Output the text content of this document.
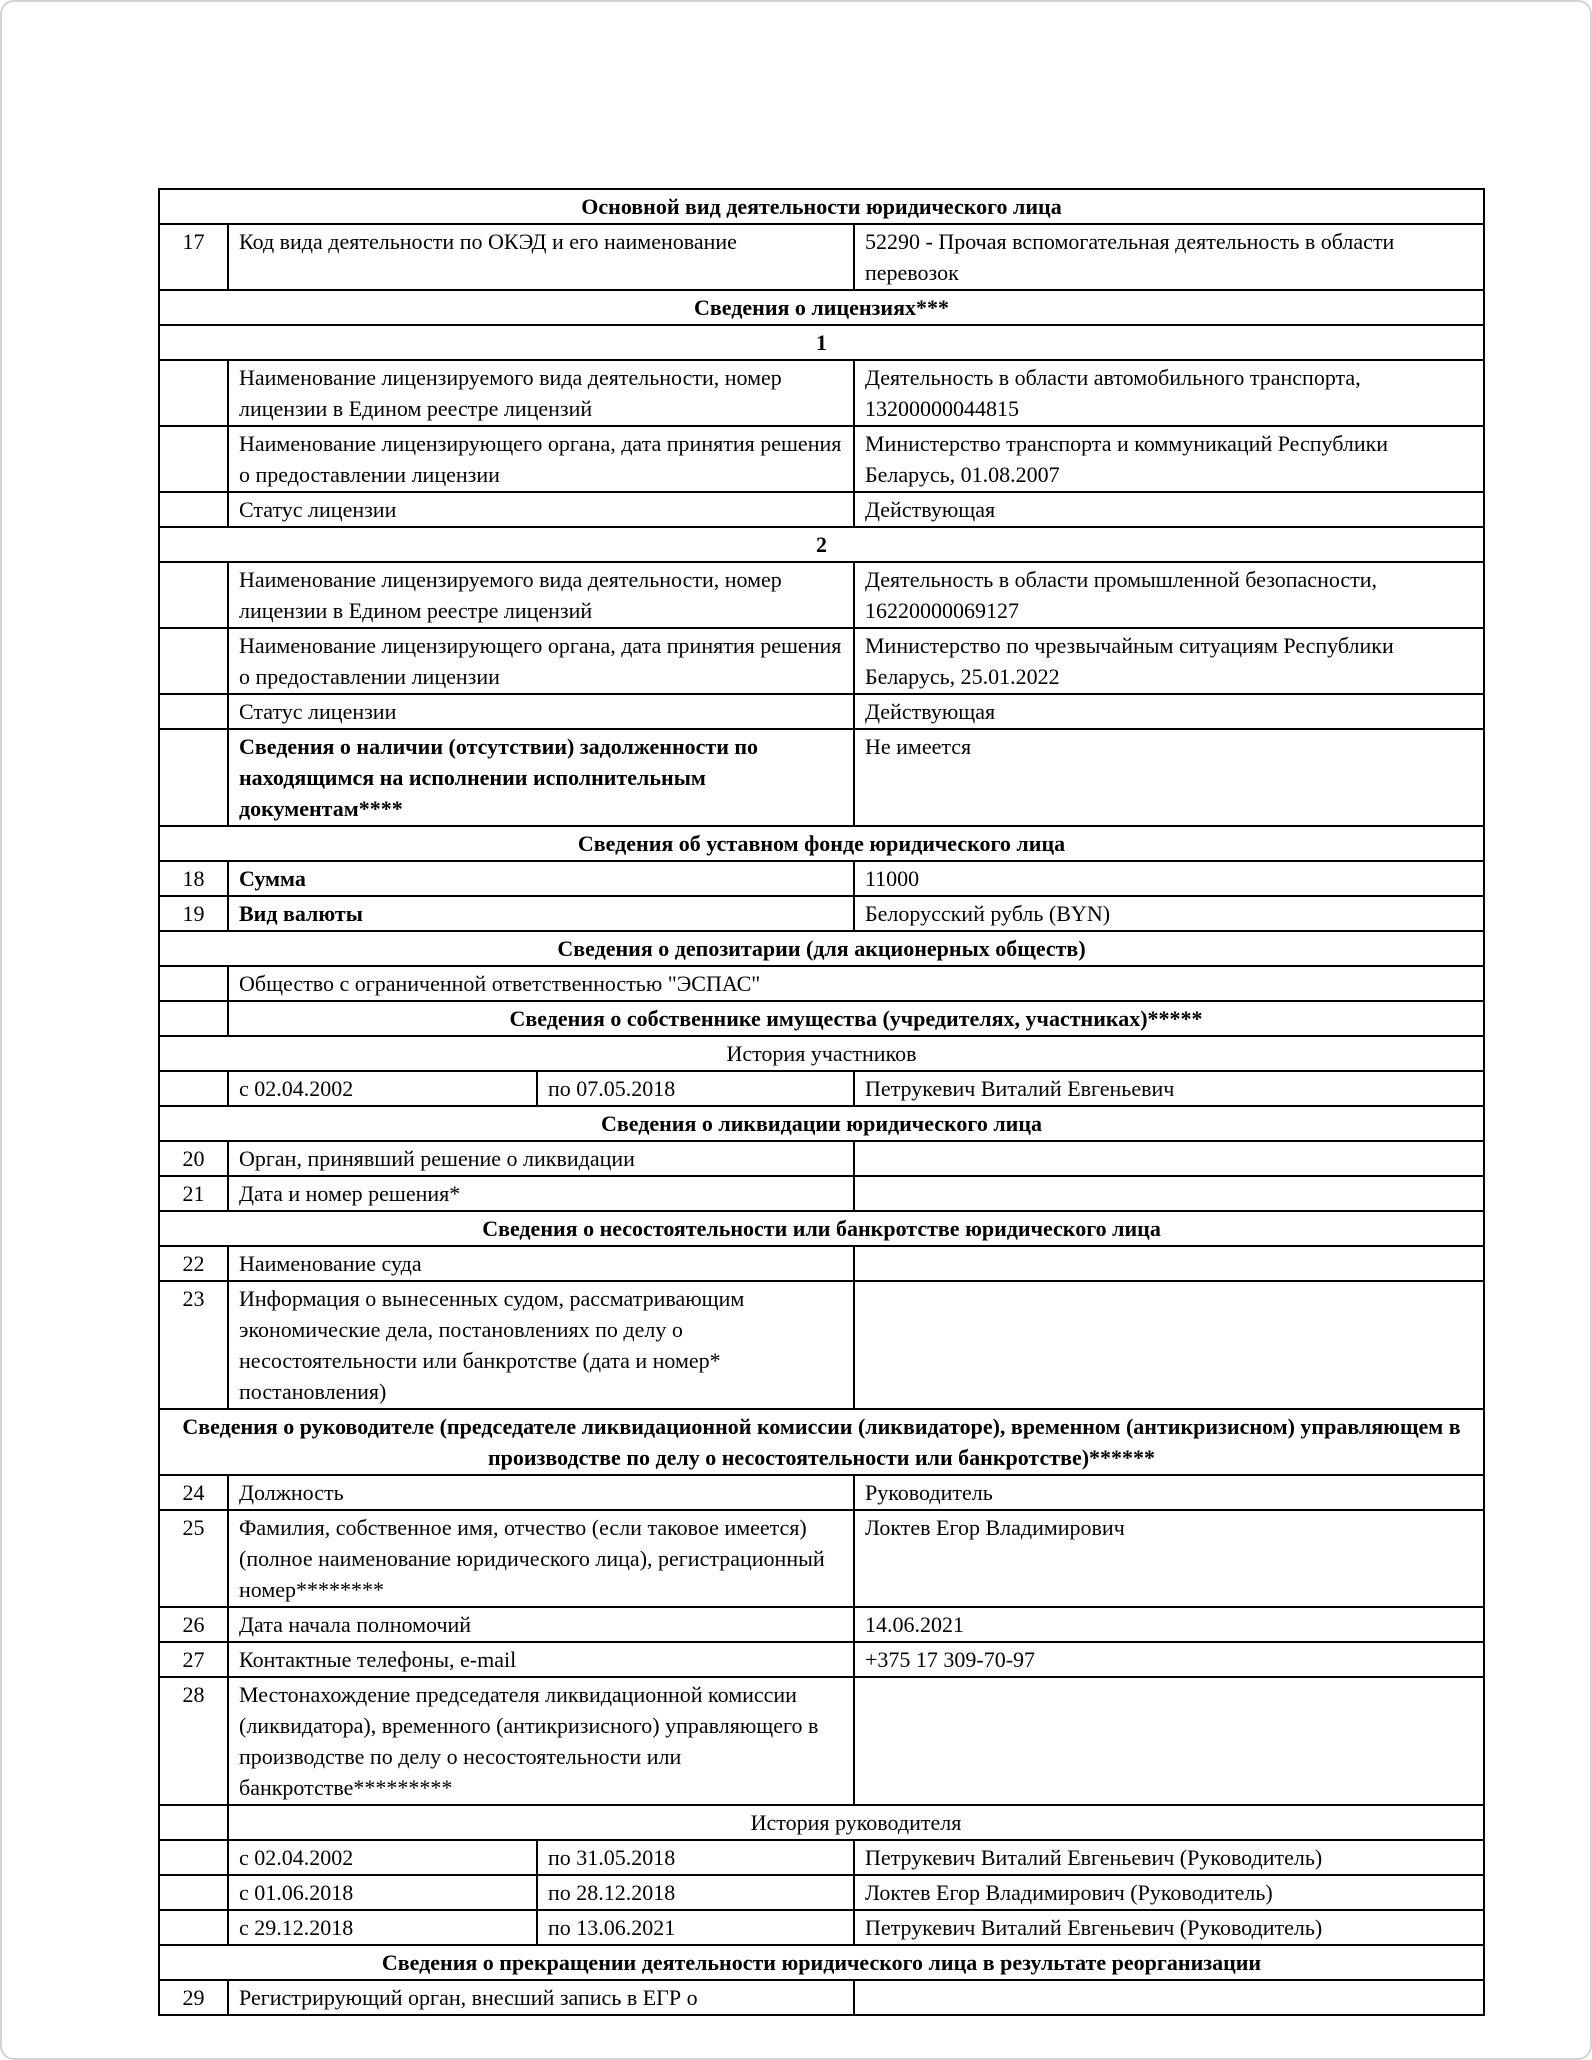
Основной вид деятельности юридического лица			
17	Код вида деятельности по ОКЭД и его наименование		52290 - Прочая вспомогательная деятельность в области перевозок
Сведения о лицензиях***			
1			
	Наименование лицензируемого вида деятельности, номер лицензии в Едином реестре лицензий		Деятельность в области автомобильного транспорта, 13200000044815
	Наименование лицензирующего органа, дата принятия решения о предоставлении лицензии		Министерство транспорта и коммуникаций Республики Беларусь, 01.08.2007
	Статус лицензии		Действующая
2			
	Наименование лицензируемого вида деятельности, номер лицензии в Едином реестре лицензий		Деятельность в области промышленной безопасности, 16220000069127
	Наименование лицензирующего органа, дата принятия решения о предоставлении лицензии		Министерство по чрезвычайным ситуациям Республики Беларусь, 25.01.2022
	Статус лицензии		Действующая
	Сведения о наличии (отсутствии) задолженности по находящимся на исполнении исполнительным документам****		Не имеется
Сведения об уставном фонде юридического лица			
18	Сумма		11000
19	Вид валюты		Белорусский рубль (BYN)
Сведения о депозитарии (для акционерных обществ)			
	Общество с ограниченной ответственностью "ЭСПАС"		
	Сведения о собственнике имущества (учредителях, участниках)*****		
История участников			
	с 02.04.2002	по 07.05.2018	Петрукевич Виталий Евгеньевич
Сведения о ликвидации юридического лица			
20	Орган, принявший решение о ликвидации		
21	Дата и номер решения*		
Сведения о несостоятельности или банкротстве юридического лица			
22	Наименование суда		
23	Информация о вынесенных судом, рассматривающим экономические дела, постановлениях по делу о несостоятельности или банкротстве (дата и номер* постановления)		
Сведения о руководителе (председателе ликвидационной комиссии (ликвидаторе), временном (антикризисном) управляющем в производстве по делу о несостоятельности или банкротстве)******			
24	Должность		Руководитель
25	Фамилия, собственное имя, отчество (если таковое имеется) (полное наименование юридического лица), регистрационный номер********		Локтев Егор Владимирович
26	Дата начала полномочий		14.06.2021
27	Контактные телефоны, e-mail		+375 17 309-70-97
28	Местонахождение председателя ликвидационной комиссии (ликвидатора), временного (антикризисного) управляющего в производстве по делу о несостоятельности или банкротстве*********		
	История руководителя		
	с 02.04.2002	по 31.05.2018	Петрукевич Виталий Евгеньевич (Руководитель)
	с 01.06.2018	по 28.12.2018	Локтев Егор Владимирович (Руководитель)
	с 29.12.2018	по 13.06.2021	Петрукевич Виталий Евгеньевич (Руководитель)
Сведения о прекращении деятельности юридического лица в результате реорганизации			
29	Регистрирующий орган, внесший запись в ЕГР о		
